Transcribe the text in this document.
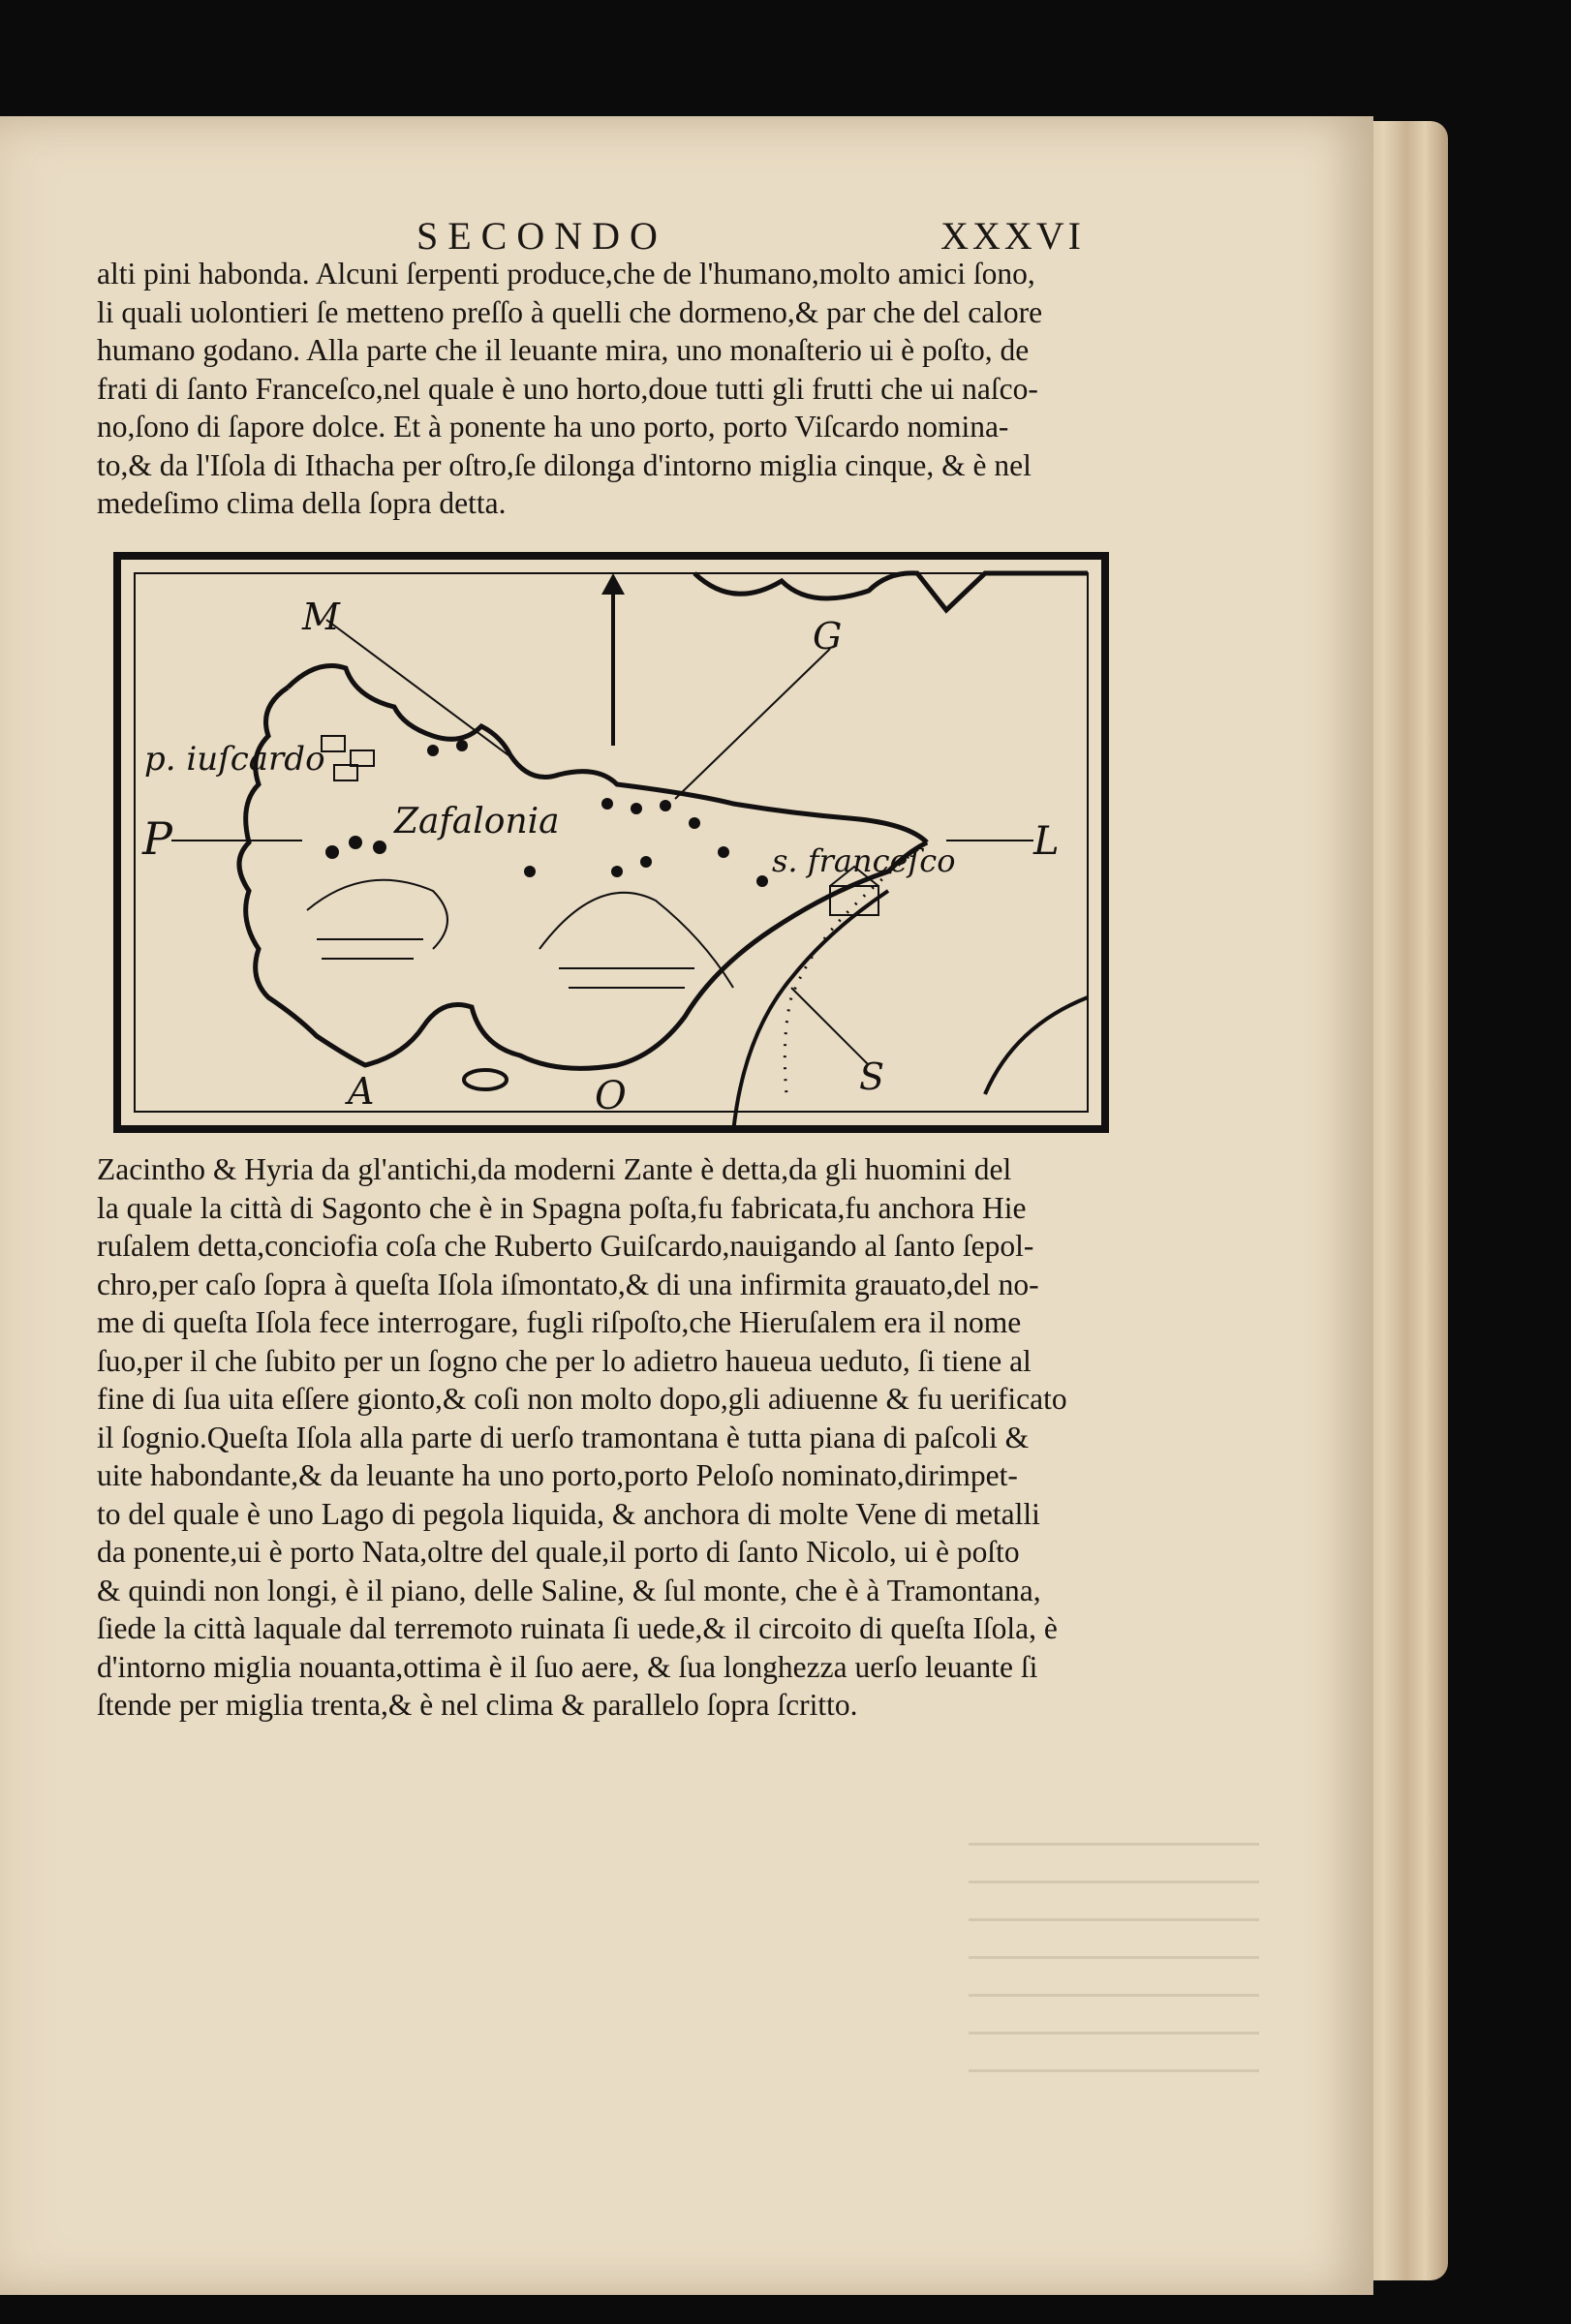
SECONDO	XXXVI
alti pini habonda. Alcuni ſerpenti produce,che de l'humano,molto amici ſono,
li quali uolontieri ſe metteno preſſo à quelli che dormeno,& par che del calore
humano godano. Alla parte che il leuante mira, uno monaſterio ui è poſto, de
frati di ſanto Franceſco,nel quale è uno horto,doue tutti gli frutti che ui naſco-
no,ſono di ſapore dolce. Et à ponente ha uno porto, porto Viſcardo nomina-
to,& da l'Iſola di Ithacha per oſtro,ſe dilonga d'intorno miglia cinque, & è nel
medeſimo clima della ſopra detta.
p. iuſcardo
Zafalonia
s. franceſco
M	G
P	L
A	O	S
Zacintho & Hyria da gl'antichi,da moderni Zante è detta,da gli huomini del
la quale la città di Sagonto che è in Spagna poſta,fu fabricata,fu anchora Hie
ruſalem detta,conciofia coſa che Ruberto Guiſcardo,nauigando al ſanto ſepol-
chro,per caſo ſopra à queſta Iſola iſmontato,& di una infirmita grauato,del no-
me di queſta Iſola fece interrogare, fugli riſpoſto,che Hieruſalem era il nome
ſuo,per il che ſubito per un ſogno che per lo adietro haueua ueduto, ſi tiene al
fine di ſua uita eſſere gionto,& coſi non molto dopo,gli adiuenne & fu uerificato
il ſognio.Queſta Iſola alla parte di uerſo tramontana è tutta piana di paſcoli &
uite habondante,& da leuante ha uno porto,porto Peloſo nominato,dirimpet-
to del quale è uno Lago di pegola liquida, & anchora di molte Vene di metalli
da ponente,ui è porto Nata,oltre del quale,il porto di ſanto Nicolo, ui è poſto
& quindi non longi, è il piano, delle Saline, & ſul monte, che è à Tramontana,
ſiede la città laquale dal terremoto ruinata ſi uede,& il circoito di queſta Iſola, è
d'intorno miglia nouanta,ottima è il ſuo aere, & ſua longhezza uerſo leuante ſi
ſtende per miglia trenta,& è nel clima & parallelo ſopra ſcritto.
